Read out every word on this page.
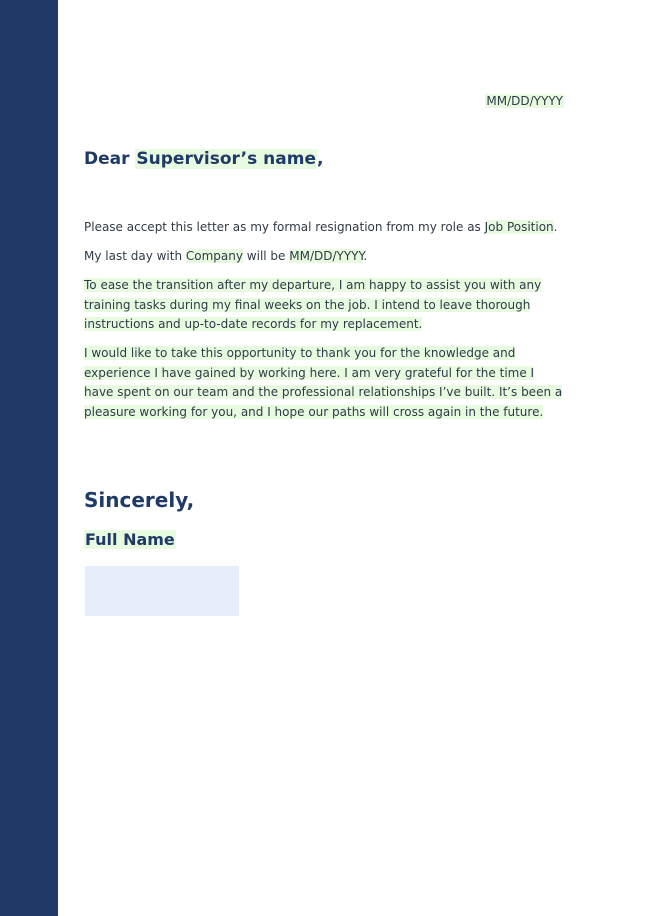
MM/DD/YYYY
Dear Supervisor’s name,
Please accept this letter as my formal resignation from my role as Job Position.
My last day with Company will be MM/DD/YYYY.
To ease the transition after my departure, I am happy to assist you with any training tasks during my final weeks on the job. I intend to leave thorough instructions and up-to-date records for my replacement.
I would like to take this opportunity to thank you for the knowledge and experience I have gained by working here. I am very grateful for the time I have spent on our team and the professional relationships I’ve built. It’s been a pleasure working for you, and I hope our paths will cross again in the future.
Sincerely,
Full Name
